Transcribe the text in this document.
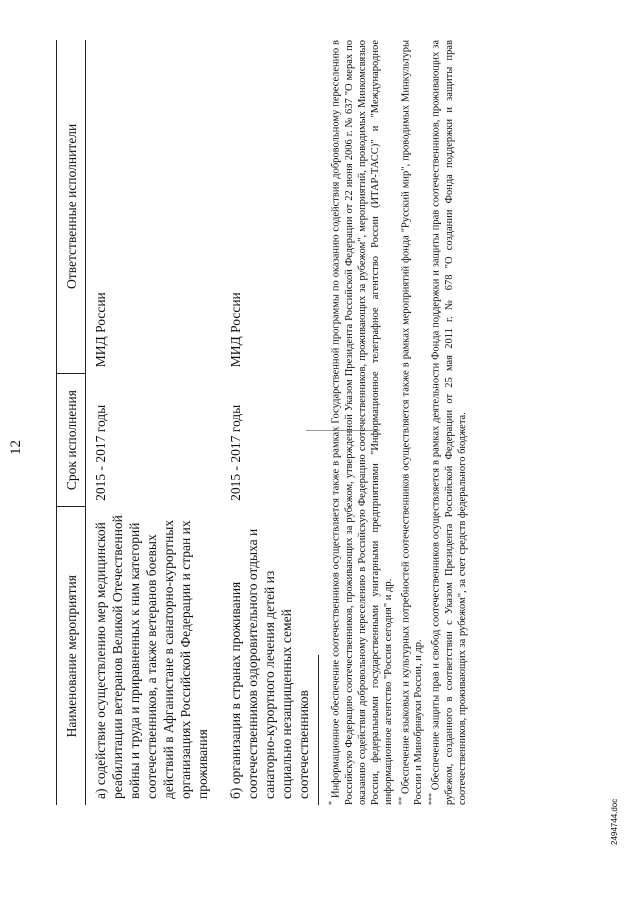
12
Наименование мероприятия	Срок исполнения	Ответственные исполнители
а) содействие осуществлению мер медицинской реабилитации ветеранов Великой Отечественной войны и труда и приравненных к ним категорий соотечественников, а также ветеранов боевых действий в Афганистане в санаторно-курортных организациях Российской Федерации и стран их проживания	2015 - 2017 годы	МИД России
б) организация в странах проживания соотечественников оздоровительного отдыха и санаторно-курортного лечения детей из социально незащищенных семей соотечественников	2015 - 2017 годы	МИД России

* Информационное обеспечение соотечественников осуществляется также в рамках Государственной программы по оказанию содействия добровольному переселению в Российскую Федерацию соотечественников, проживающих за рубежом, утвержденной Указом Президента Российской Федерации от 22 июня 2006 г. № 637 "О мерах по оказанию содействия добровольному переселению в Российскую Федерацию соотечественников, проживающих за рубежом", мероприятий, проводимых Минкомсвязью России, федеральными государственными унитарными предприятиями "Информационное телеграфное агентство России (ИТАР-ТАСС)" и "Международное информационное агентство "Россия сегодня" и др. ** Обеспечение языковых и культурных потребностей соотечественников осуществляется также в рамках мероприятий фонда "Русский мир", проводимых Минкультуры России и Минобрнауки России, и др. *** Обеспечение защиты прав и свобод соотечественников осуществляется в рамках деятельности Фонда поддержки и защиты прав соотечественников, проживающих за рубежом, созданного в соответствии с Указом Президента Российской Федерации от 25 мая 2011 г. № 678 "О создании Фонда поддержки и защиты прав соотечественников, проживающих за рубежом", за счет средств федерального бюджета.

2494744.doc
